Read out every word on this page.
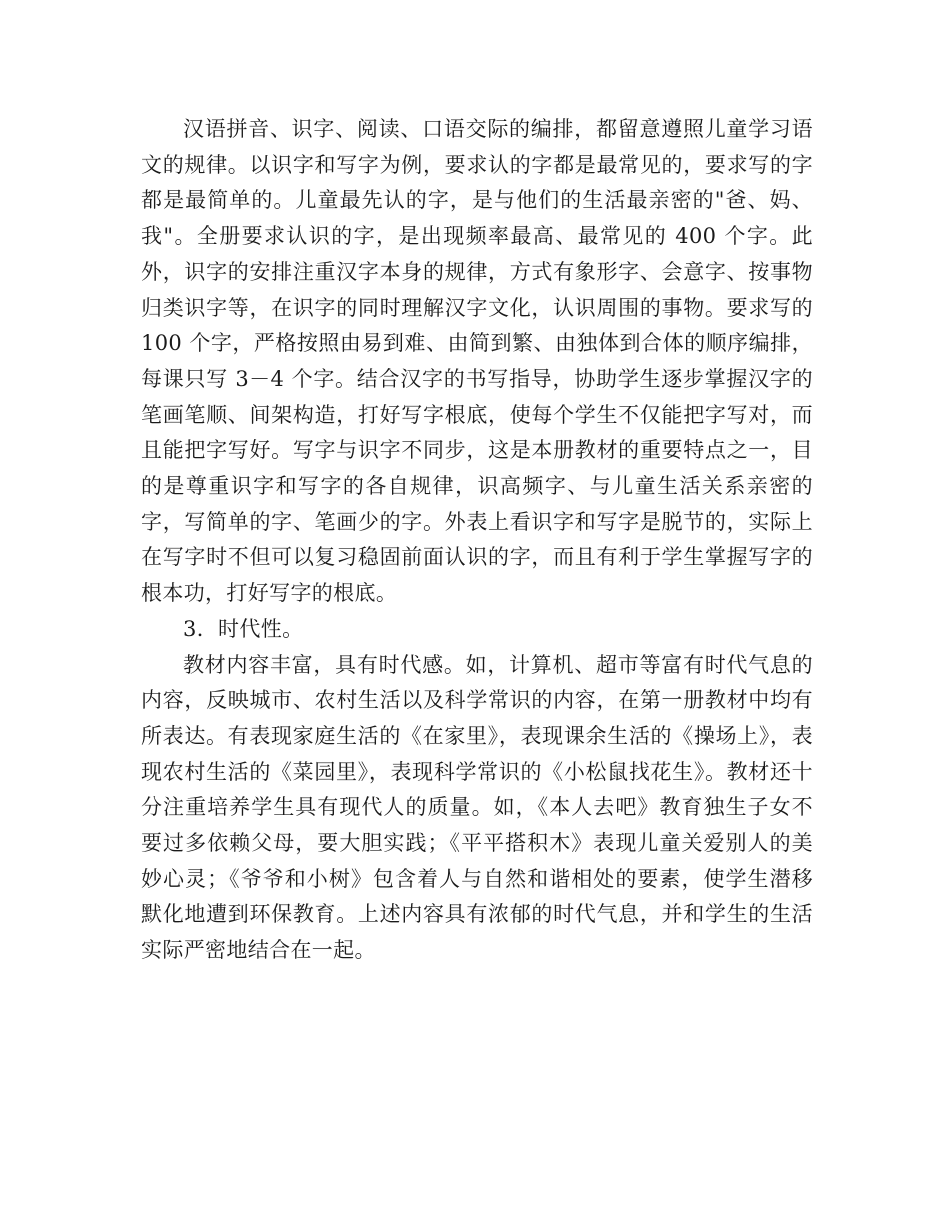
汉语拼音、识字、阅读、口语交际的编排，都留意遵照儿童学习语文的规律。以识字和写字为例，要求认的字都是最常见的，要求写的字都是最简单的。儿童最先认的字，是与他们的生活最亲密的"爸、妈、我"。全册要求认识的字，是出现频率最高、最常见的 400 个字。此外，识字的安排注重汉字本身的规律，方式有象形字、会意字、按事物归类识字等，在识字的同时理解汉字文化，认识周围的事物。要求写的 100 个字，严格按照由易到难、由简到繁、由独体到合体的顺序编排，每课只写 3－4 个字。结合汉字的书写指导，协助学生逐步掌握汉字的笔画笔顺、间架构造，打好写字根底，使每个学生不仅能把字写对，而且能把字写好。写字与识字不同步，这是本册教材的重要特点之一，目的是尊重识字和写字的各自规律，识高频字、与儿童生活关系亲密的字，写简单的字、笔画少的字。外表上看识字和写字是脱节的，实际上在写字时不但可以复习稳固前面认识的字，而且有利于学生掌握写字的根本功，打好写字的根底。

3．时代性。

教材内容丰富，具有时代感。如，计算机、超市等富有时代气息的内容，反映城市、农村生活以及科学常识的内容，在第一册教材中均有所表达。有表现家庭生活的《在家里》，表现课余生活的《操场上》，表现农村生活的《菜园里》，表现科学常识的《小松鼠找花生》。教材还十分注重培养学生具有现代人的质量。如，《本人去吧》教育独生子女不要过多依赖父母，要大胆实践；《平平搭积木》表现儿童关爱别人的美妙心灵；《爷爷和小树》包含着人与自然和谐相处的要素，使学生潜移默化地遭到环保教育。上述内容具有浓郁的时代气息，并和学生的生活实际严密地结合在一起。
